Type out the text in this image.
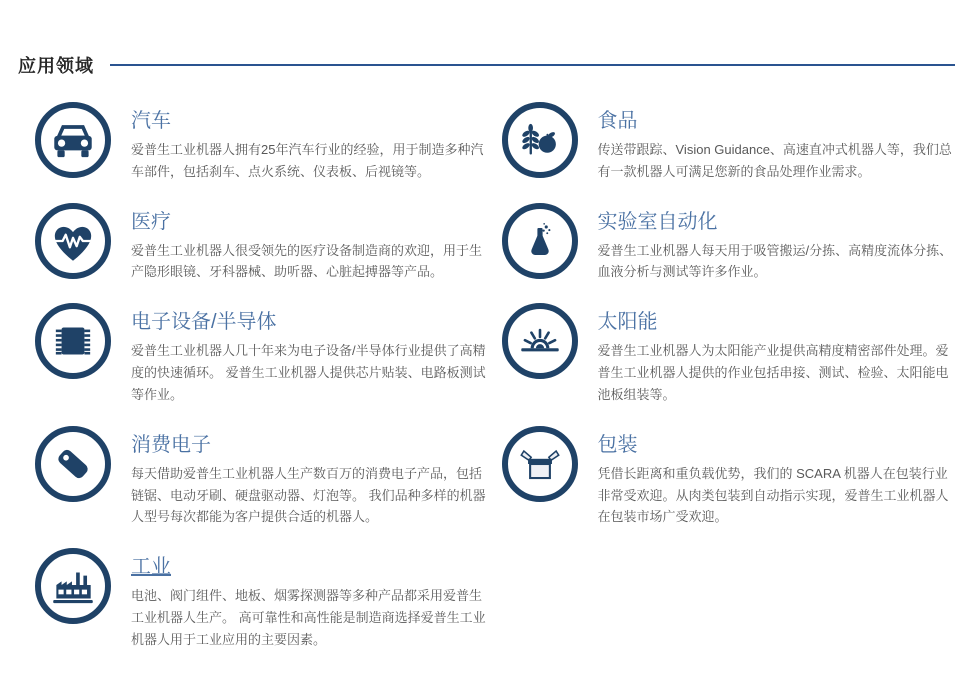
应用领域
汽车

爱普生工业机器人拥有25年汽车行业的经验，用于制造多种汽车部件，包括刹车、点火系统、仪表板、后视镜等。

食品

传送带跟踪、Vision Guidance、高速直冲式机器人等，我们总有一款机器人可满足您新的食品处理作业需求。

医疗

爱普生工业机器人很受领先的医疗设备制造商的欢迎，用于生产隐形眼镜、牙科器械、助听器、心脏起搏器等产品。

实验室自动化

爱普生工业机器人每天用于吸管搬运/分拣、高精度流体分拣、血液分析与测试等许多作业。

电子设备/半导体

爱普生工业机器人几十年来为电子设备/半导体行业提供了高精度的快速循环。 爱普生工业机器人提供芯片贴装、电路板测试等作业。

太阳能

爱普生工业机器人为太阳能产业提供高精度精密部件处理。爱普生工业机器人提供的作业包括串接、测试、检验、太阳能电池板组装等。

消费电子

每天借助爱普生工业机器人生产数百万的消费电子产品，包括链锯、电动牙刷、硬盘驱动器、灯泡等。 我们品种多样的机器人型号每次都能为客户提供合适的机器人。

包装

凭借长距离和重负载优势，我们的 SCARA 机器人在包装行业非常受欢迎。从肉类包装到自动指示实现，爱普生工业机器人在包装市场广受欢迎。

工业

电池、阀门组件、地板、烟雾探测器等多种产品都采用爱普生工业机器人生产。 高可靠性和高性能是制造商选择爱普生工业机器人用于工业应用的主要因素。
